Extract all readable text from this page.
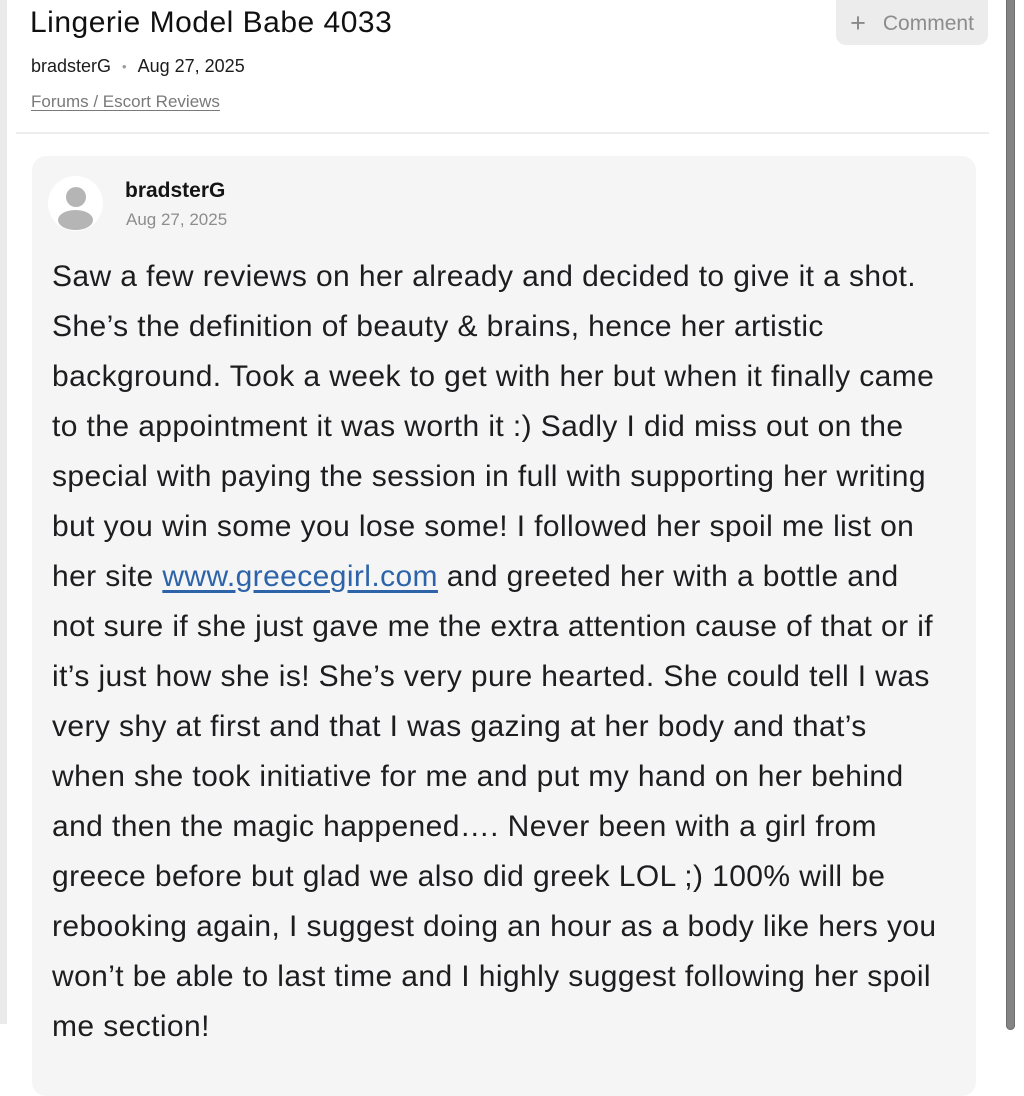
Lingerie Model Babe 4033	+ Comment
bradsterG • Aug 27, 2025
Forums / Escort Reviews
bradsterG
Aug 27, 2025
Saw a few reviews on her already and decided to give it a shot.
She’s the definition of beauty & brains, hence her artistic
background. Took a week to get with her but when it finally came
to the appointment it was worth it :) Sadly I did miss out on the
special with paying the session in full with supporting her writing
but you win some you lose some! I followed her spoil me list on
her site www.greecegirl.com and greeted her with a bottle and
not sure if she just gave me the extra attention cause of that or if
it’s just how she is! She’s very pure hearted. She could tell I was
very shy at first and that I was gazing at her body and that’s
when she took initiative for me and put my hand on her behind
and then the magic happened…. Never been with a girl from
greece before but glad we also did greek LOL ;) 100% will be
rebooking again, I suggest doing an hour as a body like hers you
won’t be able to last time and I highly suggest following her spoil
me section!
